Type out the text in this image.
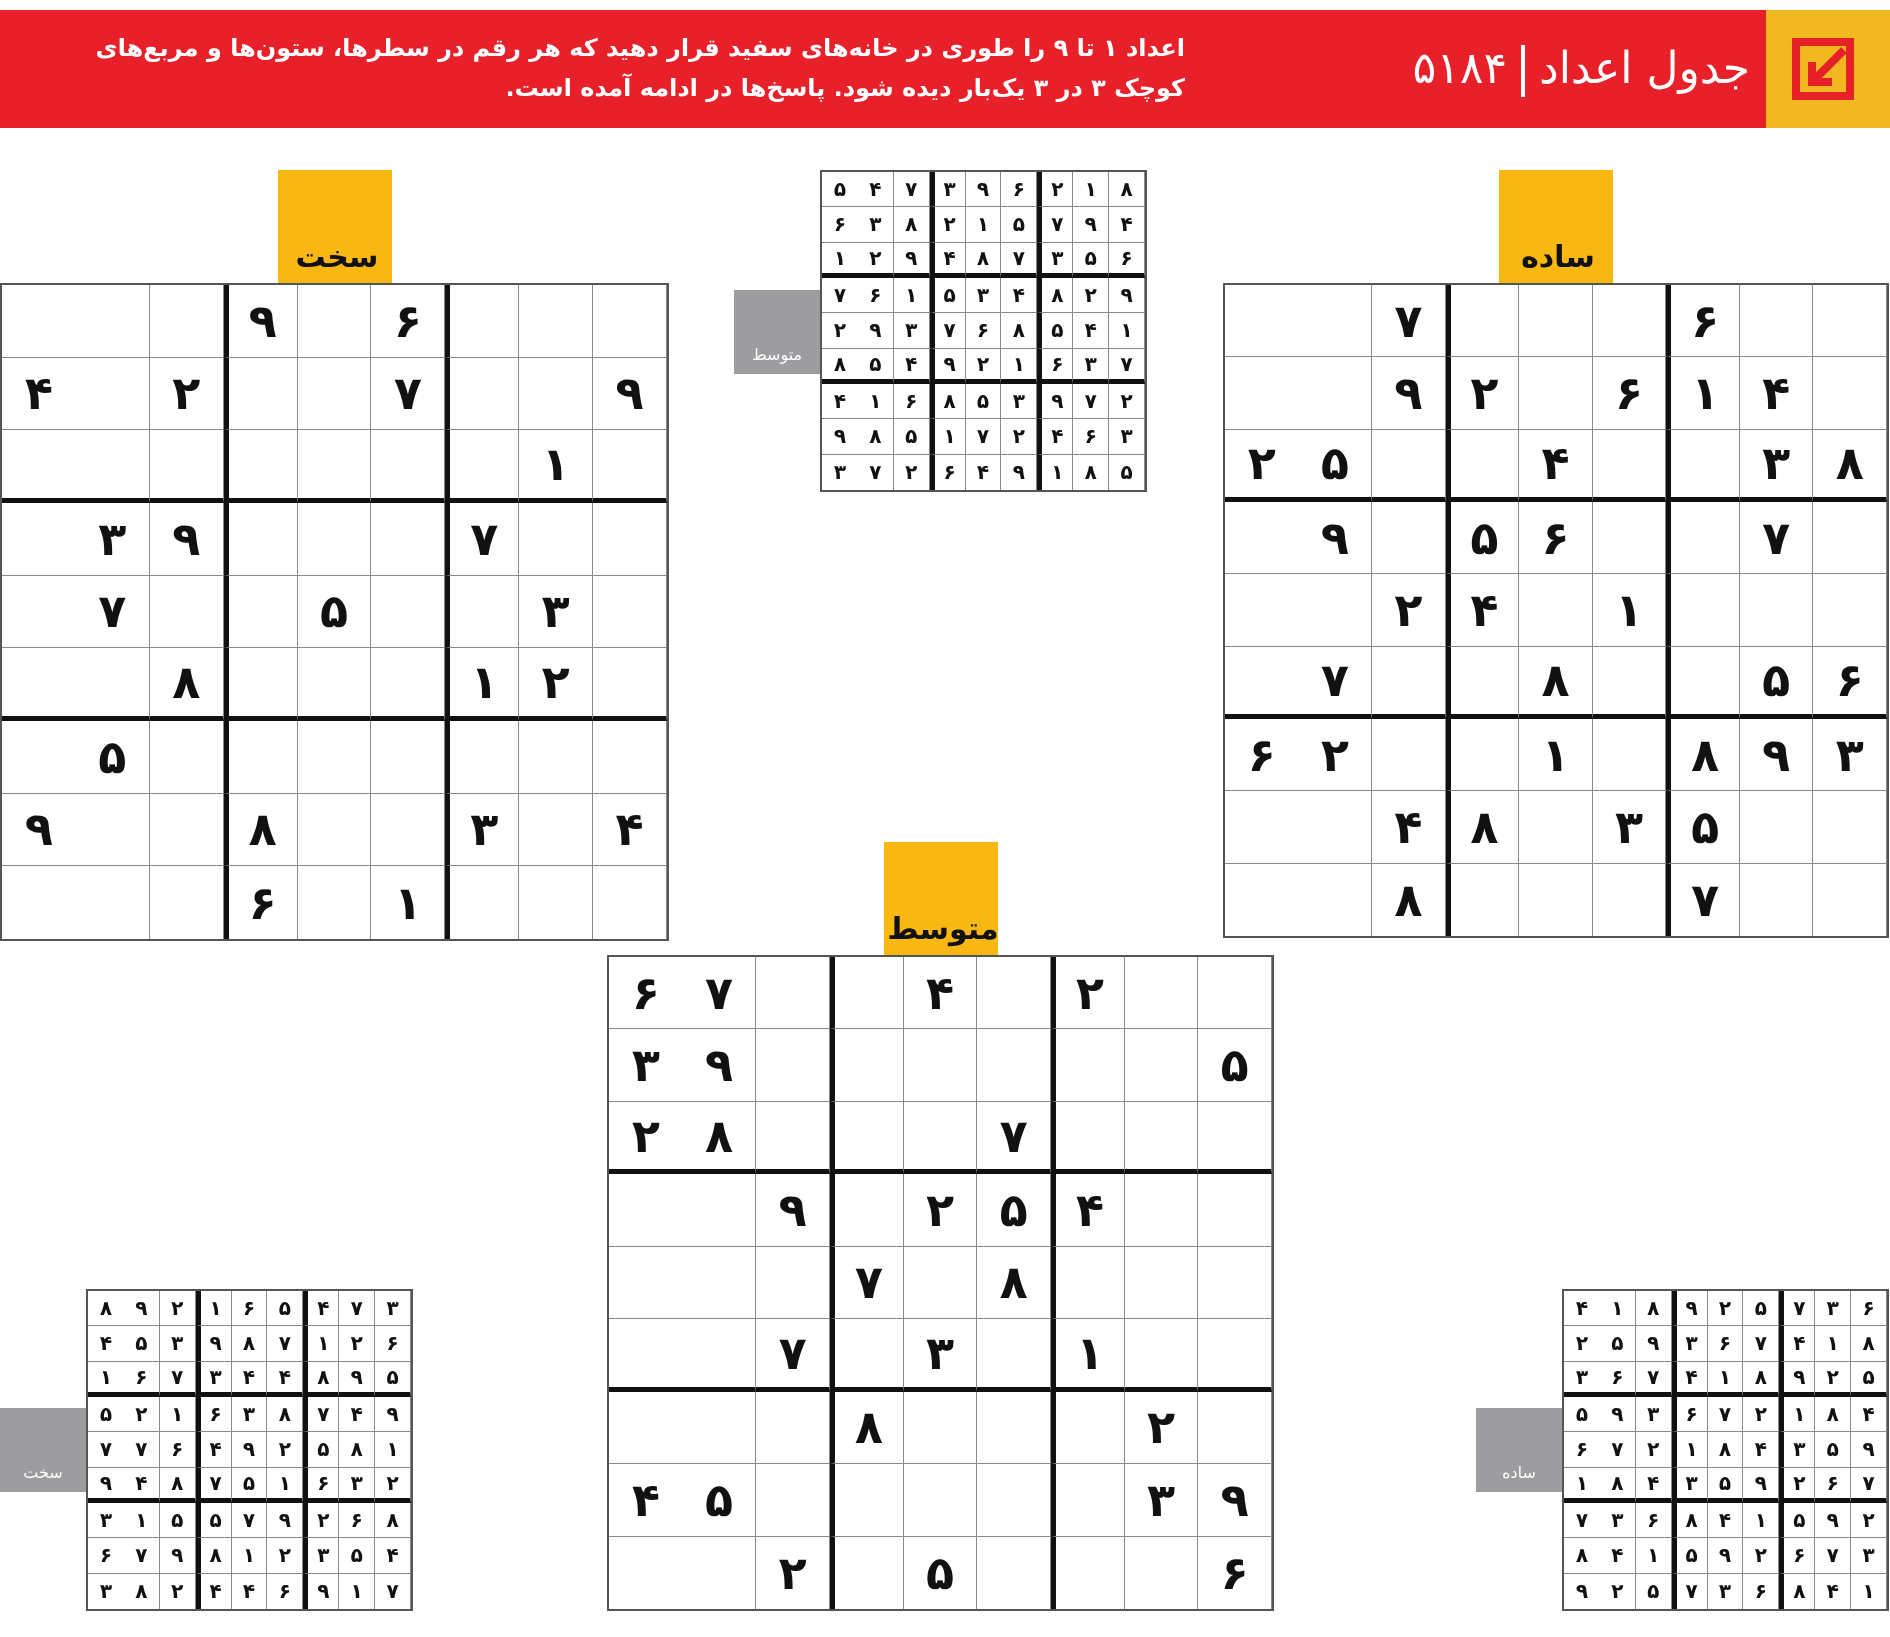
جدول اعداد۵۱۸۴
اعداد ۱ تا ۹ را طوری در خانه‌های سفید قرار دهید که هر رقم در سطرها، ستون‌ها و مربع‌های کوچک ۳ در ۳ یک‌بار دیده شود. پاسخ‌ها در ادامه آمده است.
ساده
سخت
متوسط
۶
۷
۴
۱
۶
۲
۹
۸
۳
۴
۵
۲
۷
۶
۵
۹
۱
۴
۲
۶
۵
۸
۷
۳
۹
۸
۱
۲
۶
۵
۳
۸
۴
۷
۸
۶
۹
۹
۷
۲
۴
۱
۷
۹
۳
۳
۵
۷
۲
۱
۸
۵
۴
۳
۸
۹
۱
۶
۲
۴
۷
۶
۵
۹
۳
۷
۸
۲
۴
۵
۲
۹
۸
۷
۱
۳
۷
۲
۸
۹
۳
۵
۴
۶
۵
۲
متوسط
سخت	ساده
۸
۱
۲
۶
۹
۳
۷
۴
۵
۴
۹
۷
۵
۱
۲
۸
۳
۶
۶
۵
۳
۷
۸
۴
۹
۲
۱
۹
۲
۸
۴
۳
۵
۱
۶
۷
۱
۴
۵
۸
۶
۷
۳
۹
۲
۷
۳
۶
۱
۲
۹
۴
۵
۸
۲
۷
۹
۳
۵
۸
۶
۱
۴
۳
۶
۴
۲
۷
۱
۵
۸
۹
۵
۸
۱
۹
۴
۶
۲
۷
۳
۳
۷
۴
۵
۶
۱
۲
۹
۸
۶
۲
۱
۷
۸
۹
۳
۵
۴
۵
۹
۸
۴
۴
۳
۷
۶
۱
۹
۴
۷
۸
۳
۶
۱
۲
۵
۱
۸
۵
۲
۹
۴
۶
۷
۷
۲
۳
۶
۱
۵
۷
۸
۴
۹
۸
۶
۲
۹
۷
۵
۵
۱
۳
۴
۵
۳
۲
۱
۸
۹
۷
۶
۷
۱
۹
۶
۴
۴
۲
۸
۳
۶
۳
۷
۵
۲
۹
۸
۱
۴
۸
۱
۴
۷
۶
۳
۹
۵
۲
۵
۲
۹
۸
۱
۴
۷
۶
۳
۴
۸
۱
۲
۷
۶
۳
۹
۵
۹
۵
۳
۴
۸
۱
۲
۷
۶
۷
۶
۲
۹
۵
۳
۴
۸
۱
۲
۹
۵
۱
۴
۸
۶
۳
۷
۳
۷
۶
۲
۹
۵
۱
۴
۸
۱
۴
۸
۶
۳
۷
۵
۲
۹
